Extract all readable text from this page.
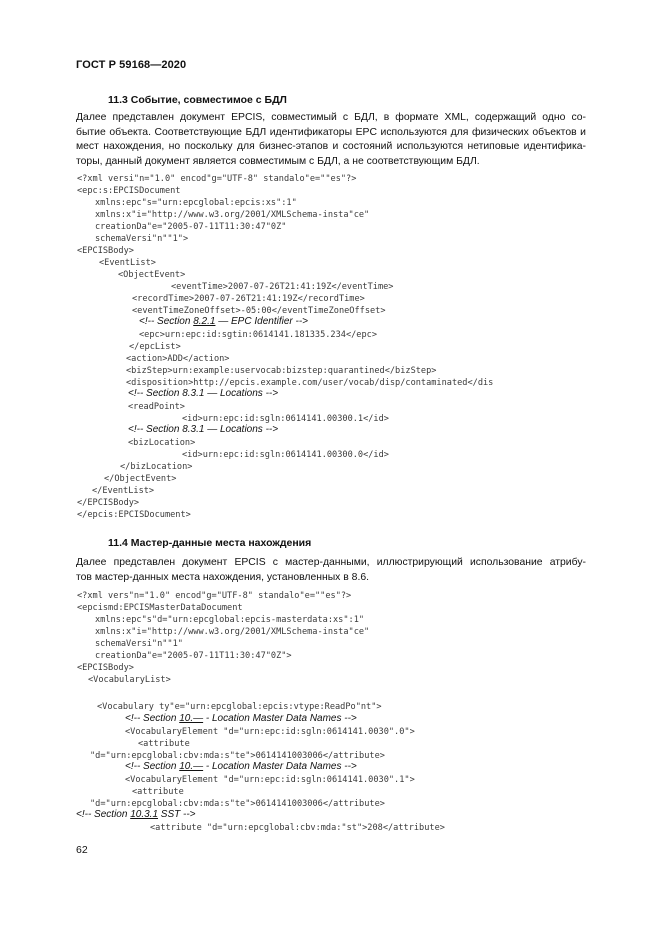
ГОСТ Р 59168—2020
11.3 Событие, совместимое с БДЛ
Далее представлен документ EPCIS, совместимый с БДЛ, в формате XML, содержащий одно со-
бытие объекта. Соответствующие БДЛ идентификаторы EPC используются для физических объектов и
мест нахождения, но поскольку для бизнес-этапов и состояний используются нетиповые идентифика-
торы, данный документ является совместимым с БДЛ, а не соответствующим БДЛ.
<?xml versi"n="1.0" encod"g="UTF-8" standalo"e=""es"?>
<epc:s:EPCISDocument
xmlns:epc"s="urn:epcglobal:epcis:xs":1"
xmlns:x"i="http://www.w3.org/2001/XMLSchema-insta"ce"
creationDa"e="2005-07-11T11:30:47"0Z"
schemaVersi"n""1">
<EPCISBody>
<EventList>
<ObjectEvent>
<eventTime>2007-07-26T21:41:19Z</eventTime>
<recordTime>2007-07-26T21:41:19Z</recordTime>
<eventTimeZoneOffset>-05:00</eventTimeZoneOffset>
<!-- Section 8.2.1 — EPC Identifier -->
<epc>urn:epc:id:sgtin:0614141.181335.234</epc>
</epcList>
<action>ADD</action>
<bizStep>urn:example:uservocab:bizstep:quarantined</bizStep>
<disposition>http://epcis.example.com/user/vocab/disp/contaminated</dis
<!-- Section 8.3.1 — Locations -->
<readPoint>
<id>urn:epc:id:sgln:0614141.00300.1</id>
<!-- Section 8.3.1 — Locations -->
<bizLocation>
<id>urn:epc:id:sgln:0614141.00300.0</id>
</bizLocation>
</ObjectEvent>
</EventList>
</EPCISBody>
</epcis:EPCISDocument>
11.4 Мастер-данные места нахождения
Далее представлен документ EPCIS с мастер-данными, иллюстрирующий использование атрибу-
тов мастер-данных места нахождения, установленных в 8.6.
<?xml vers"n="1.0" encod"g="UTF-8" standalo"e=""es"?>
<epcismd:EPCISMasterDataDocument
xmlns:epc"s"d="urn:epcglobal:epcis-masterdata:xs":1"
xmlns:x"i="http://www.w3.org/2001/XMLSchema-insta"ce"
schemaVersi"n""1"
creationDa"e="2005-07-11T11:30:47"0Z">
<EPCISBody>
<VocabularyList>
<Vocabulary ty"e="urn:epcglobal:epcis:vtype:ReadPo"nt">
<!-- Section 10.— - Location Master Data Names -->
<VocabularyElement "d="urn:epc:id:sgln:0614141.0030".0">
<attribute
"d="urn:epcglobal:cbv:mda:s"te">0614141003006</attribute>
<!-- Section 10.— - Location Master Data Names -->
<VocabularyElement "d="urn:epc:id:sgln:0614141.0030".1">
<attribute
"d="urn:epcglobal:cbv:mda:s"te">0614141003006</attribute>
<!-- Section 10.3.1 SST -->
<attribute "d="urn:epcglobal:cbv:mda:"st">208</attribute>
62
